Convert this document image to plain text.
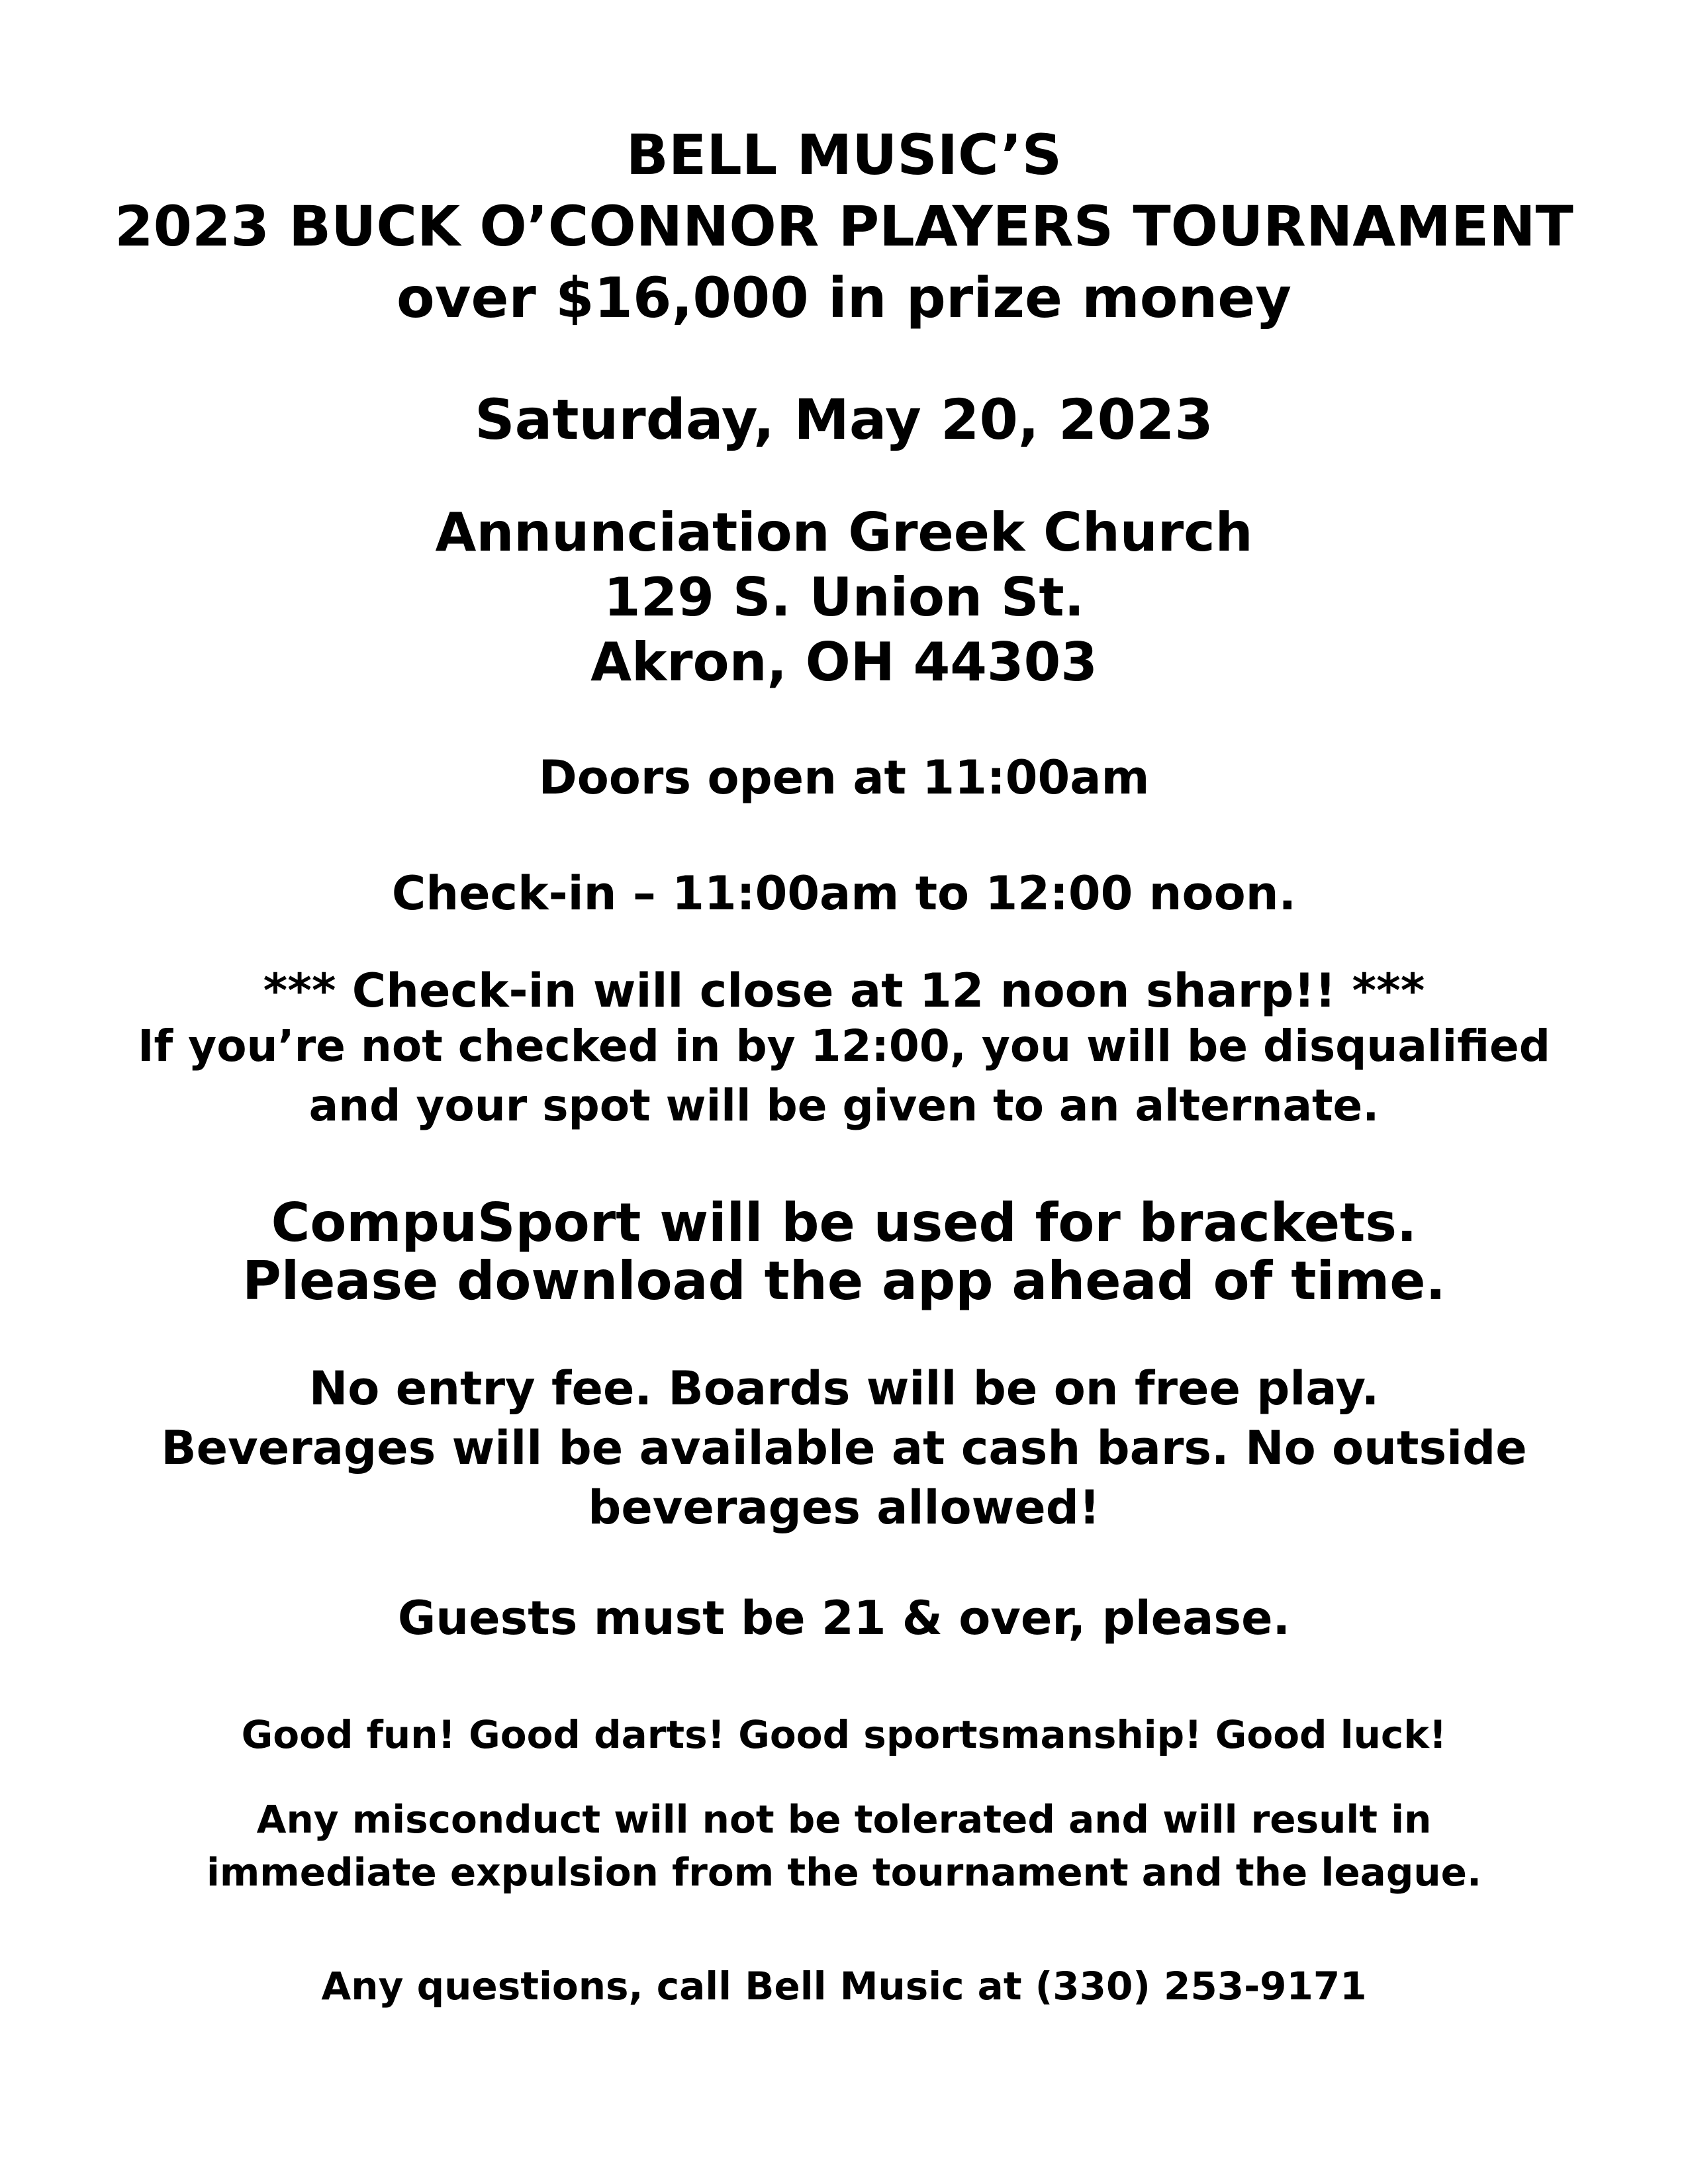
BELL MUSIC’S
2023 BUCK O’CONNOR PLAYERS TOURNAMENT
over $16,000 in prize money
Saturday, May 20, 2023
Annunciation Greek Church
129 S. Union St.
Akron, OH 44303
Doors open at 11:00am
Check-in – 11:00am to 12:00 noon.
*** Check-in will close at 12 noon sharp!! ***
If you’re not checked in by 12:00, you will be disqualified
and your spot will be given to an alternate.
CompuSport will be used for brackets.
Please download the app ahead of time.
No entry fee. Boards will be on free play.
Beverages will be available at cash bars. No outside
beverages allowed!
Guests must be 21 & over, please.
Good fun! Good darts! Good sportsmanship! Good luck!
Any misconduct will not be tolerated and will result in
immediate expulsion from the tournament and the league.
Any questions, call Bell Music at (330) 253-9171
